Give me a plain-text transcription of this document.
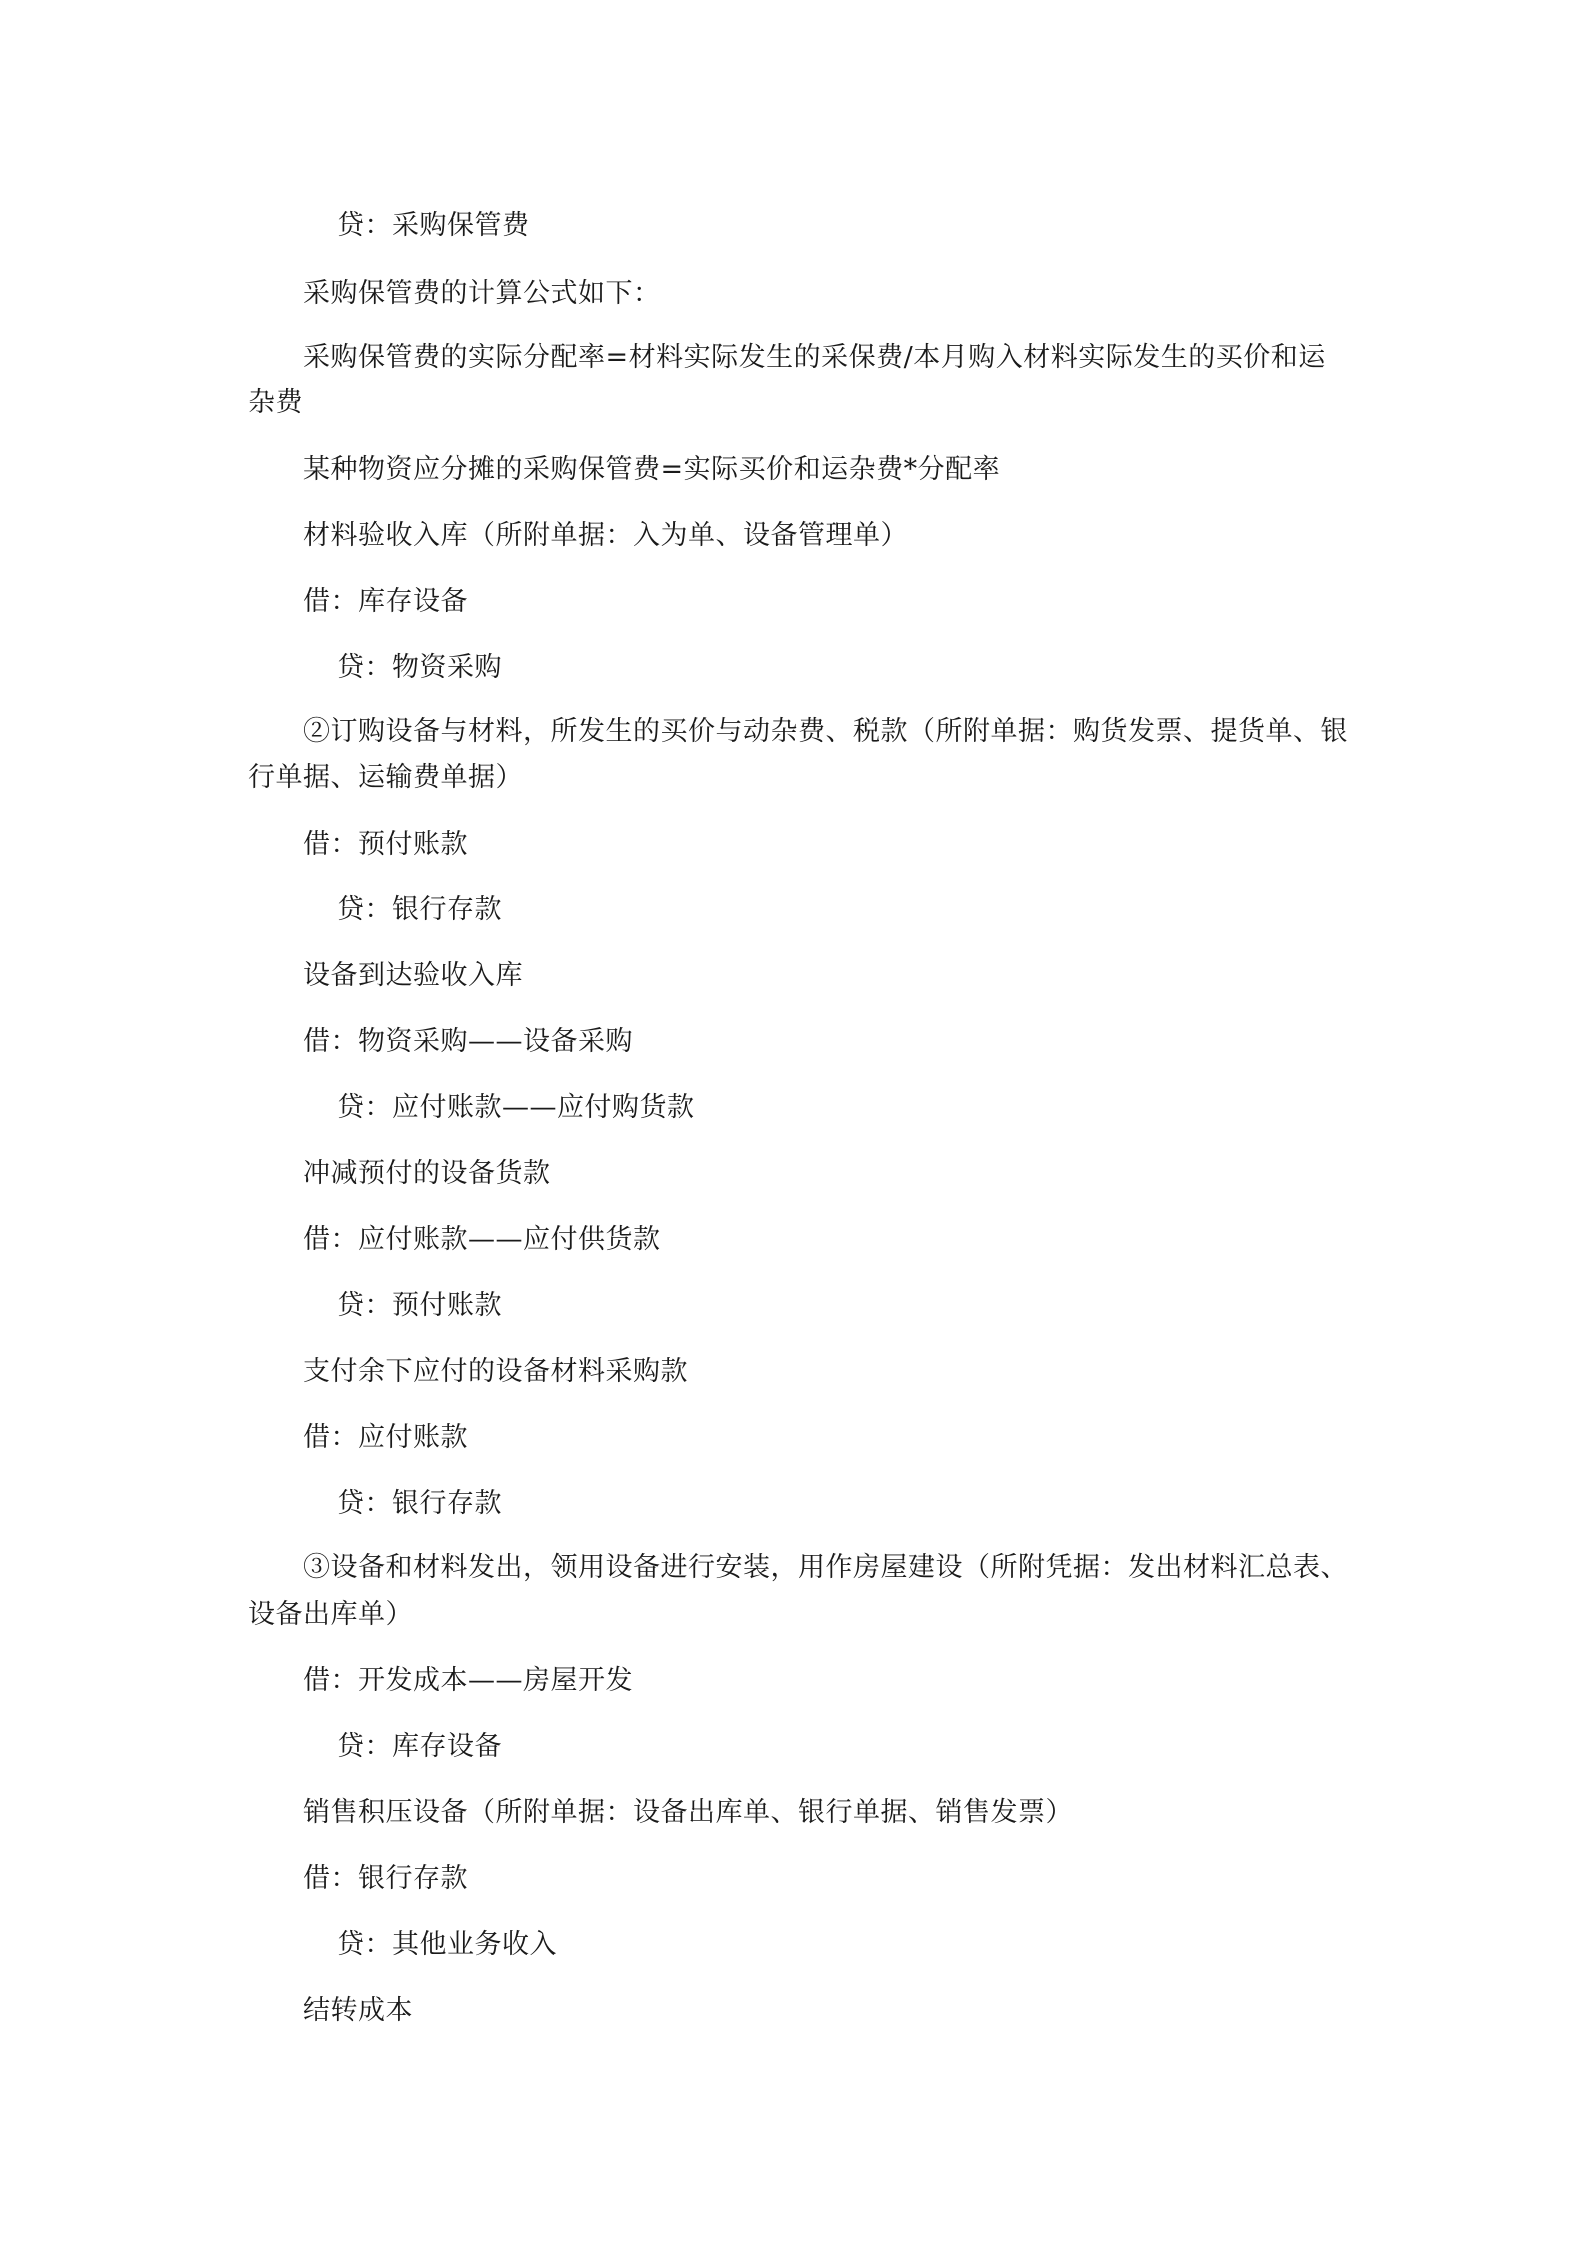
贷：采购保管费
采购保管费的计算公式如下：
采购保管费的实际分配率=材料实际发生的采保费/本月购入材料实际发生的买价和运
杂费
某种物资应分摊的采购保管费=实际买价和运杂费*分配率
材料验收入库（所附单据：入为单、设备管理单）
借：库存设备
贷：物资采购
②订购设备与材料，所发生的买价与动杂费、税款（所附单据：购货发票、提货单、银
行单据、运输费单据）
借：预付账款
贷：银行存款
设备到达验收入库
借：物资采购——设备采购
贷：应付账款——应付购货款
冲减预付的设备货款
借：应付账款——应付供货款
贷：预付账款
支付余下应付的设备材料采购款
借：应付账款
贷：银行存款
③设备和材料发出，领用设备进行安装，用作房屋建设（所附凭据：发出材料汇总表、
设备出库单）
借：开发成本——房屋开发
贷：库存设备
销售积压设备（所附单据：设备出库单、银行单据、销售发票）
借：银行存款
贷：其他业务收入
结转成本
